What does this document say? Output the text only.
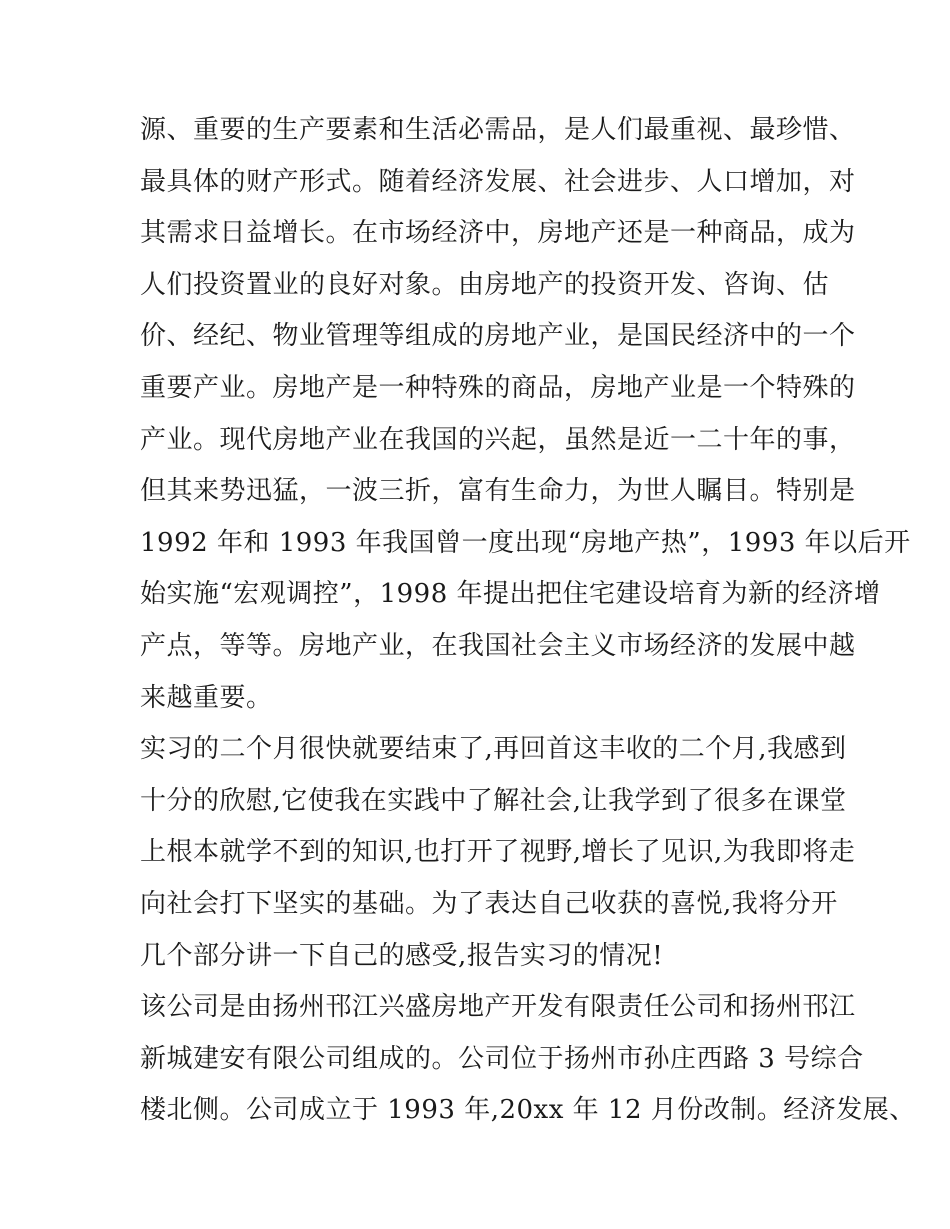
源、重要的生产要素和生活必需品，是人们最重视、最珍惜、
最具体的财产形式。随着经济发展、社会进步、人口增加，对
其需求日益增长。在市场经济中，房地产还是一种商品，成为
人们投资置业的良好对象。由房地产的投资开发、咨询、估
价、经纪、物业管理等组成的房地产业，是国民经济中的一个
重要产业。房地产是一种特殊的商品，房地产业是一个特殊的
产业。现代房地产业在我国的兴起，虽然是近一二十年的事，
但其来势迅猛，一波三折，富有生命力，为世人瞩目。特别是
1992 年和 1993 年我国曾一度出现“房地产热”，1993 年以后开
始实施“宏观调控”，1998 年提出把住宅建设培育为新的经济增
产点，等等。房地产业，在我国社会主义市场经济的发展中越
来越重要。
实习的二个月很快就要结束了,再回首这丰收的二个月,我感到
十分的欣慰,它使我在实践中了解社会,让我学到了很多在课堂
上根本就学不到的知识,也打开了视野,增长了见识,为我即将走
向社会打下坚实的基础。为了表达自己收获的喜悦,我将分开
几个部分讲一下自己的感受,报告实习的情况!
该公司是由扬州邗江兴盛房地产开发有限责任公司和扬州邗江
新城建安有限公司组成的。公司位于扬州市孙庄西路 3 号综合
楼北侧。公司成立于 1993 年,20xx 年 12 月份改制。经济发展、
